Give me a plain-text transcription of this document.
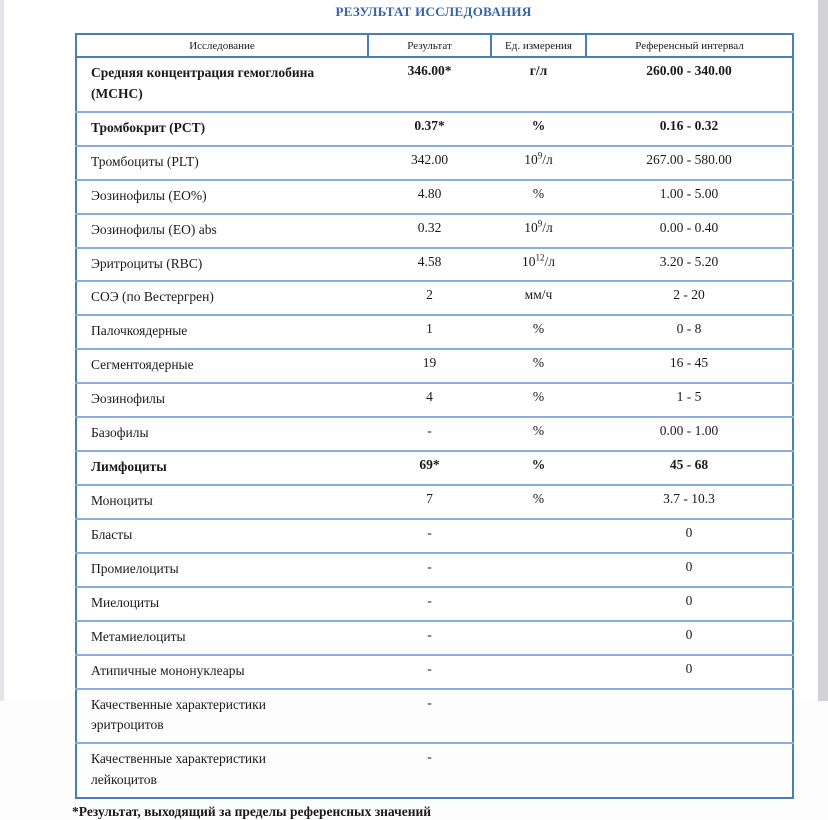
РЕЗУЛЬТАТ ИССЛЕДОВАНИЯ
Исследование	Результат	Ед. измерения	Референсный интервал

Средняя концентрация гемоглобина
(MCHC)	346.00*	г/л	260.00 - 340.00

Тромбокрит (PCT)	0.37*	%	0.16 - 0.32

Тромбоциты (PLT)	342.00	$10^9/л$	267.00 - 580.00

Эозинофилы (EO%)	4.80	%	1.00 - 5.00

Эозинофилы (EO) abs	0.32	$10^9/л$	0.00 - 0.40

Эритроциты (RBC)	4.58	$10^{12}/л$	3.20 - 5.20

СОЭ (по Вестергрен)	2	мм/ч	2 - 20

Палочкоядерные	1	%	0 - 8

Сегментоядерные	19	%	16 - 45

Эозинофилы	4	%	1 - 5

Базофилы	-	%	0.00 - 1.00

Лимфоциты	69*	%	45 - 68

Моноциты	7	%	3.7 - 10.3

Бласты	-		0

Промиелоциты	-		0

Миелоциты	-		0

Метамиелоциты	-		0

Атипичные мононуклеары	-		0

Качественные характеристики
эритроцитов	-		

Качественные характеристики
лейкоцитов	-		
*Результат, выходящий за пределы референсных значений
